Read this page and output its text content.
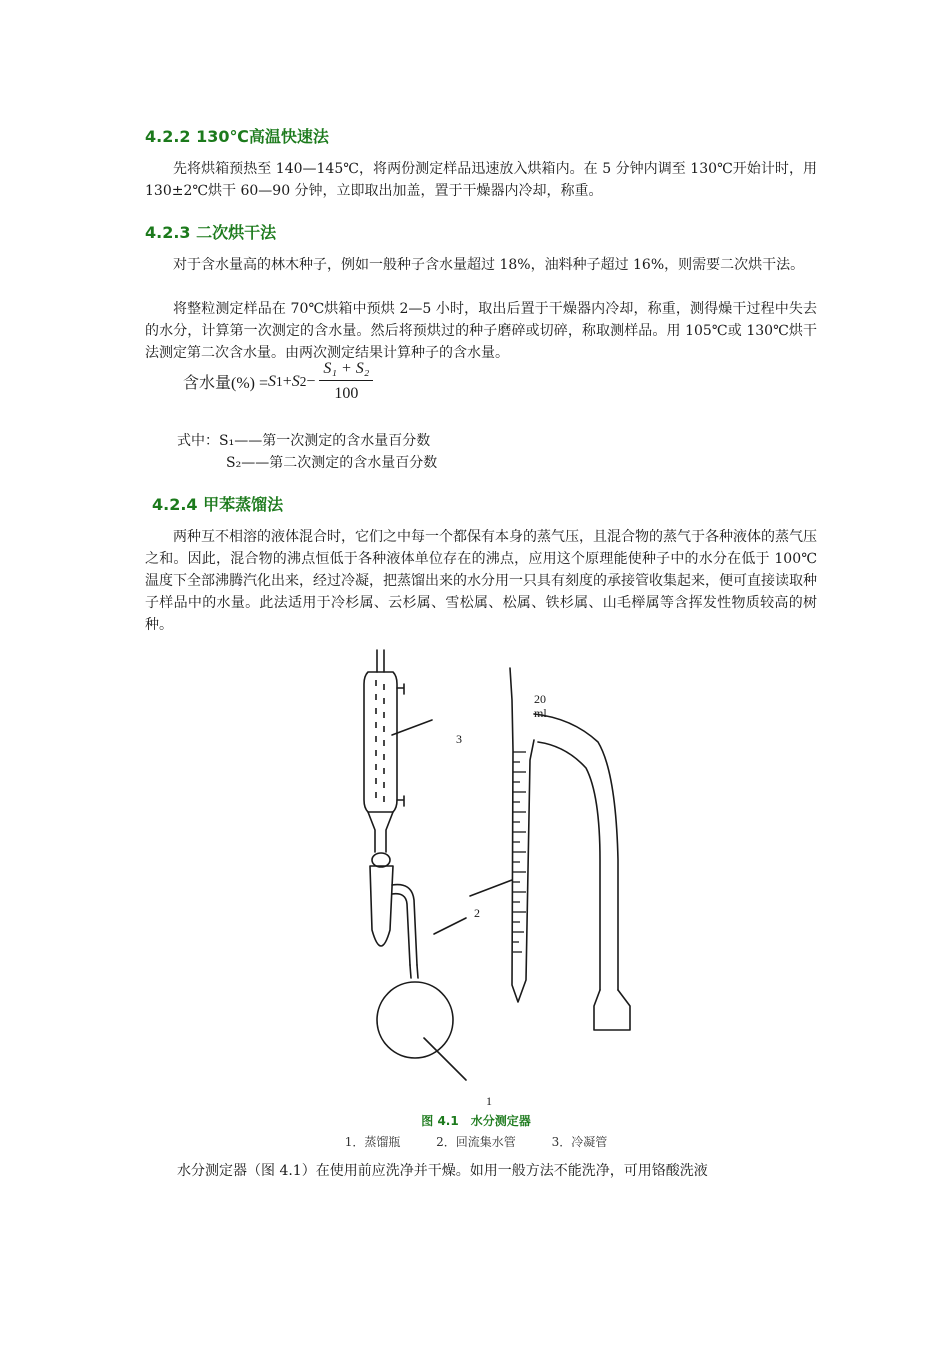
4.2.2 130℃高温快速法

先将烘箱预热至 140—145℃，将两份测定样品迅速放入烘箱内。在 5 分钟内调至 130℃开始计时，用 130±2℃烘干 60—90 分钟，立即取出加盖，置于干燥器内冷却，称重。

4.2.3 二次烘干法

对于含水量高的林木种子，例如一般种子含水量超过 18%，油料种子超过 16%，则需要二次烘干法。

将整粒测定样品在 70℃烘箱中预烘 2—5 小时，取出后置于干燥器内冷却，称重，测得燥干过程中失去的水分，计算第一次测定的含水量。然后将预烘过的种子磨碎或切碎，称取测样品。用 105℃或 130℃烘干法测定第二次含水量。由两次测定结果计算种子的含水量。

含水量(%) = S 1 + S $2 - \frac{\text{S₁ + S₂}}{100}$
式中：S₁——第一次测定的含水量百分数
S₂——第二次测定的含水量百分数
4.2.4 甲苯蒸馏法

两种互不相溶的液体混合时，它们之中每一个都保有本身的蒸气压，且混合物的蒸气于各种液体的蒸气压之和。因此，混合物的沸点恒低于各种液体单位存在的沸点，应用这个原理能使种子中的水分在低于 100℃温度下全部沸腾汽化出来，经过冷凝，把蒸馏出来的水分用一只具有刻度的承接管收集起来，便可直接读取种子样品中的水量。此法适用于冷杉属、云杉属、雪松属、松属、铁杉属、山毛榉属等含挥发性物质较高的树种。

3
2
1
20
ml
图 4.1　水分测定器
1．蒸馏瓶	2．回流集水管	3．冷凝管
水分测定器（图 4.1）在使用前应洗净并干燥。如用一般方法不能洗净，可用铬酸洗液
